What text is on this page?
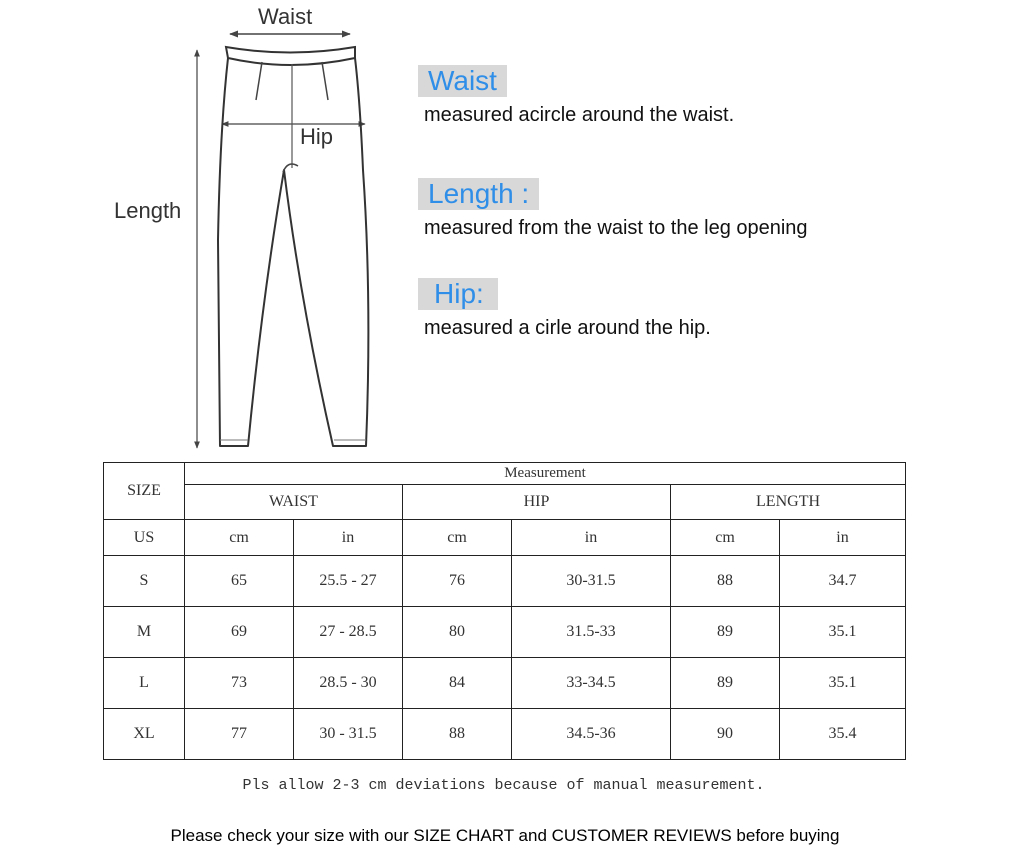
Waist
Hip
Length
Waist
measured acircle around the waist.
Length :
measured from the waist to the leg opening
Hip:
measured a cirle around the hip.
SIZE	Measurement					
	WAIST		HIP		LENGTH	
US	cm	in	cm	in	cm	in
S	65	25.5 - 27	76	30-31.5	88	34.7
M	69	27 - 28.5	80	31.5-33	89	35.1
L	73	28.5 - 30	84	33-34.5	89	35.1
XL	77	30 - 31.5	88	34.5-36	90	35.4
Pls allow 2-3 cm deviations because of manual measurement.
Please check your size with our SIZE CHART and CUSTOMER REVIEWS before buying
